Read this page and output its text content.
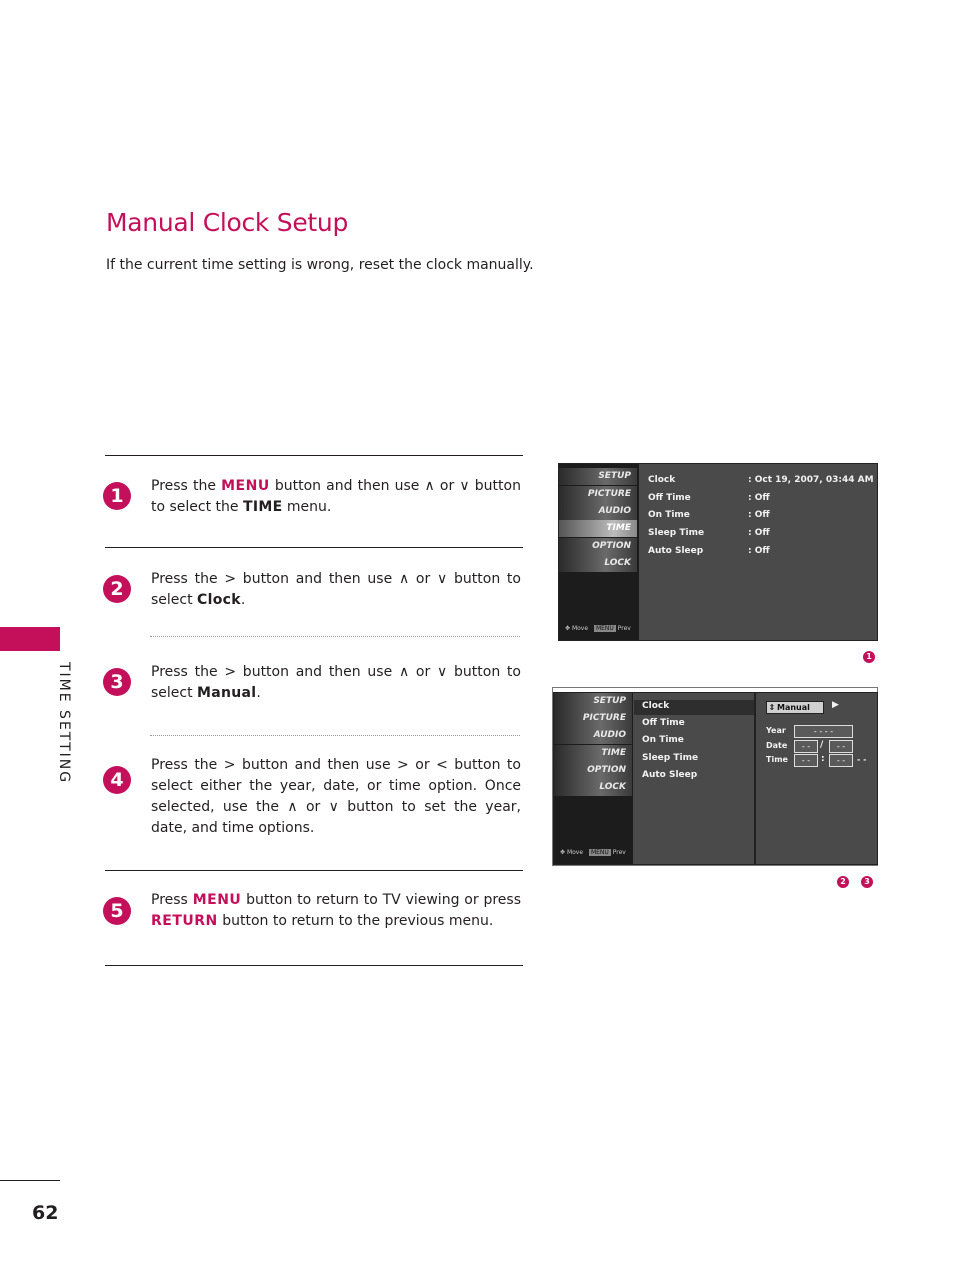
Manual Clock Setup
If the current time setting is wrong, reset the clock manually.
TIME SETTING
62
1
2
3
4
5
Press the MENU button and then use ∧ or ∨ button to select the TIME menu.
Press the > button and then use ∧ or ∨ button to select Clock.
Press the > button and then use ∧ or ∨ button to select Manual.
Press the > button and then use > or < button to select either the year, date, or time option. Once selected, use the ∧ or ∨ button to set the year, date, and time options.
Press MENU button to return to TV viewing or press RETURN button to return to the previous menu.
SETUP
PICTURE
AUDIO
TIME
OPTION
LOCK
✥ Move MENU Prev
Clock	: Oct 19, 2007, 03:44 AM
Off Time	: Off
On Time	: Off
Sleep Time	: Off
Auto Sleep	: Off
1
SETUP
PICTURE
AUDIO
TIME
OPTION
LOCK
✥ Move MENU Prev
Clock
Off Time
On Time
Sleep Time
Auto Sleep
⇕ Manual	▶
Year	- - - -
Date	- -	/	- -
Time	- -	:	- -	- -
2	3
